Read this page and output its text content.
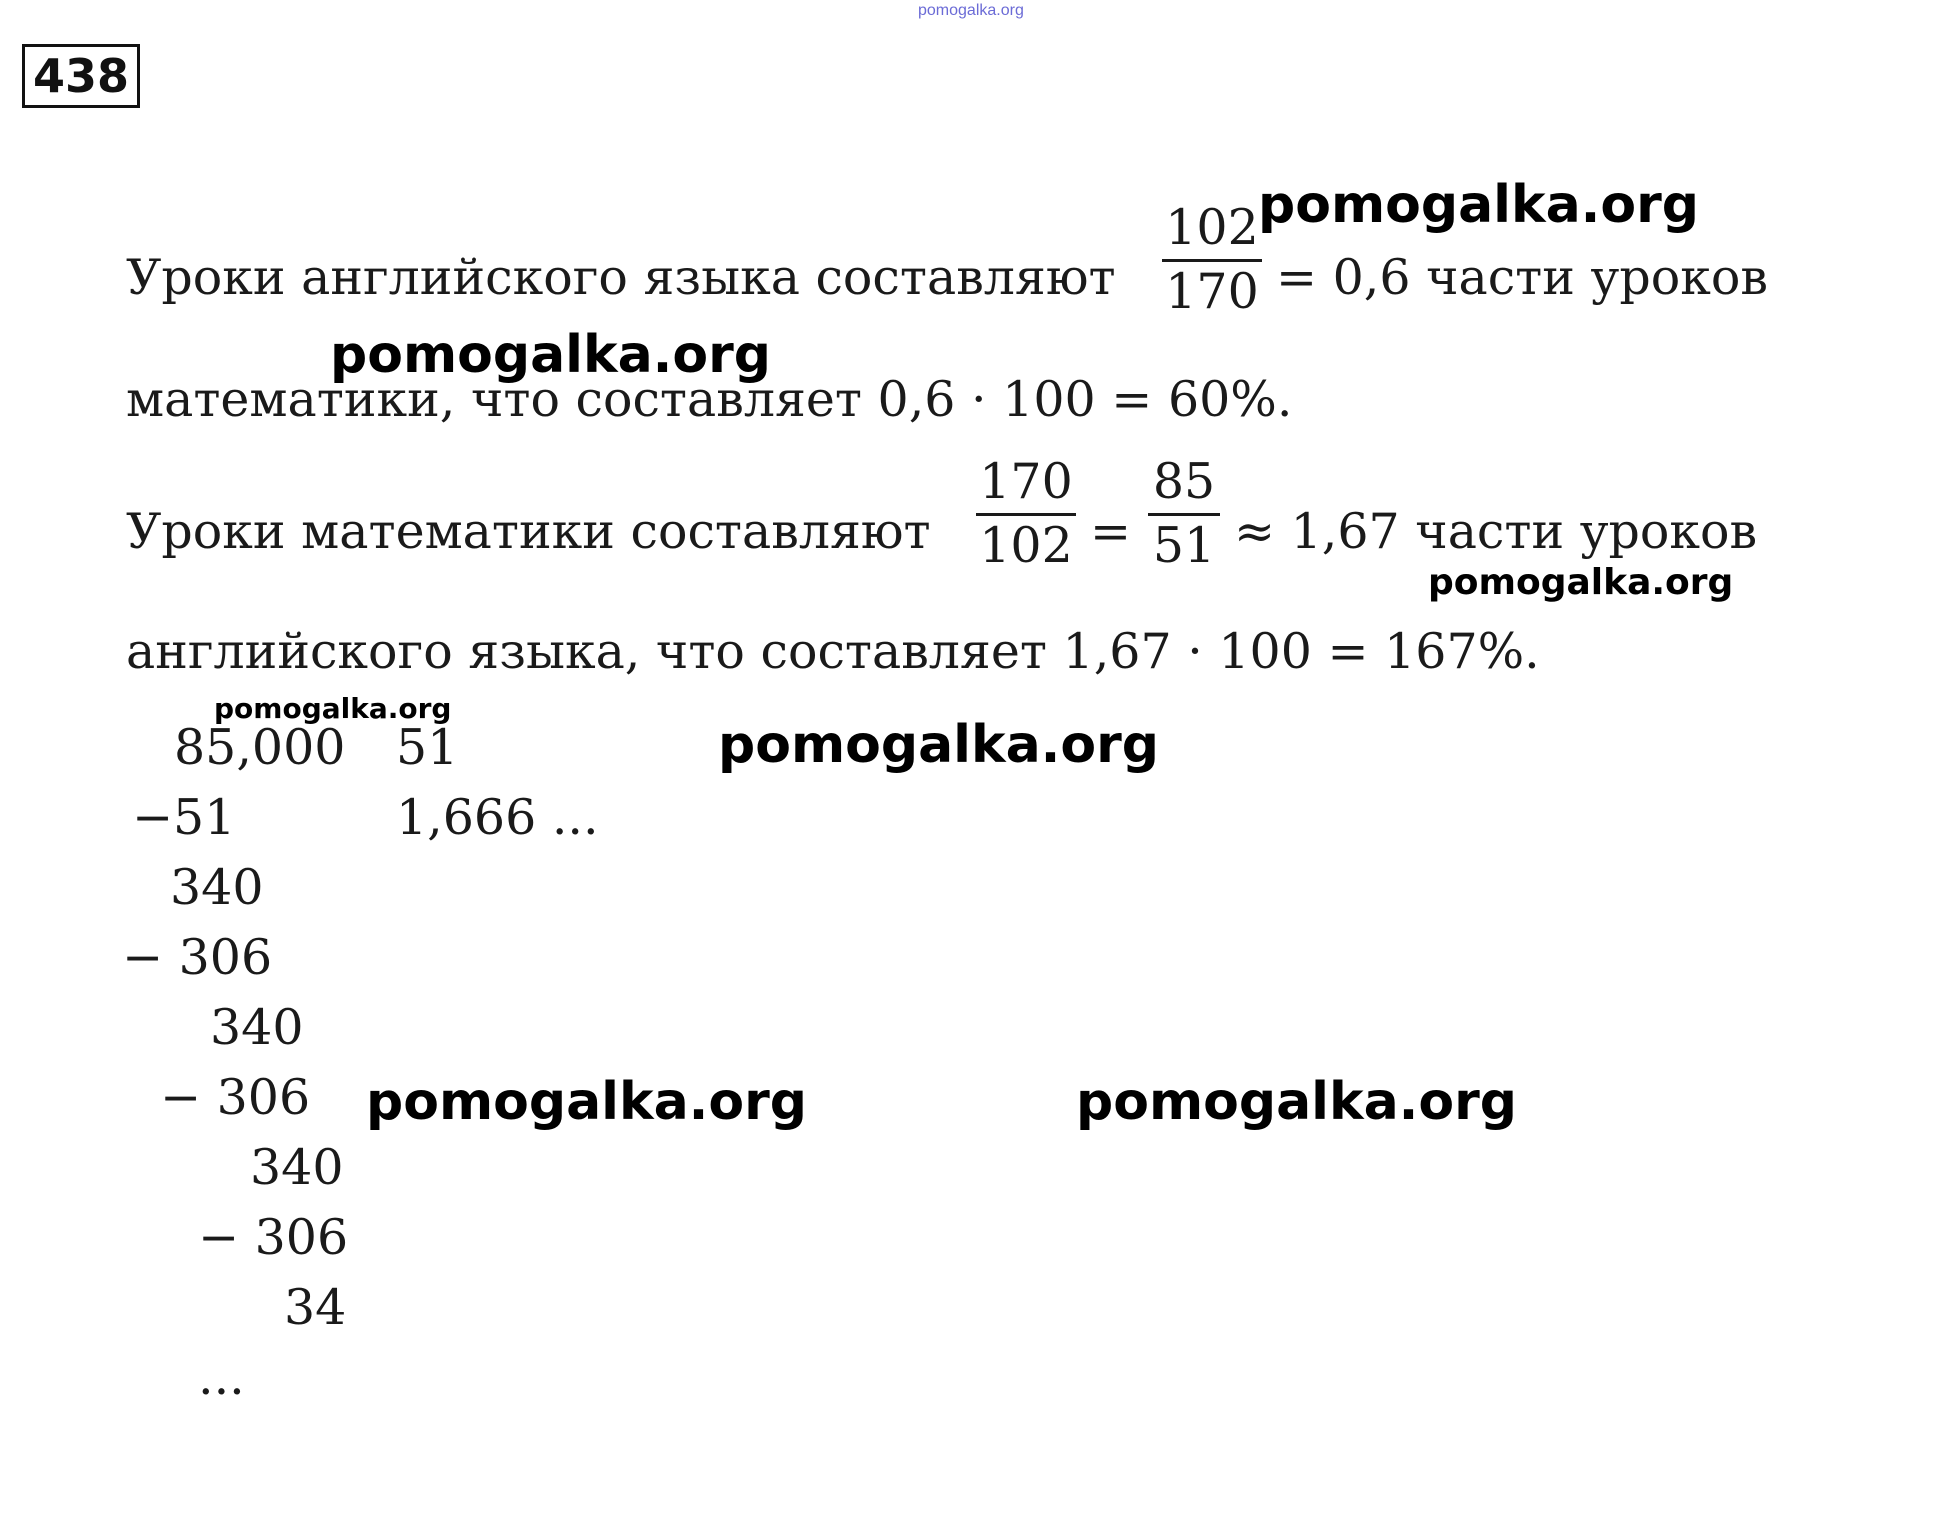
pomogalka.org
438
Уроки английского языка составляют
102
170 = 0,6 части уроков
математики, что составляет 0,6 · 100 = 60%.
Уроки математики составляют
170
102 =
85
51 ≈ 1,67 части уроков
английского языка, что составляет 1,67 · 100 = 167%.
85,000 51
1,666 ...
−51
340
− 306
340
− 306
340
− 306
34
...
pomogalka.org
pomogalka.org
pomogalka.org
pomogalka.org
pomogalka.org
pomogalka.org	pomogalka.org
